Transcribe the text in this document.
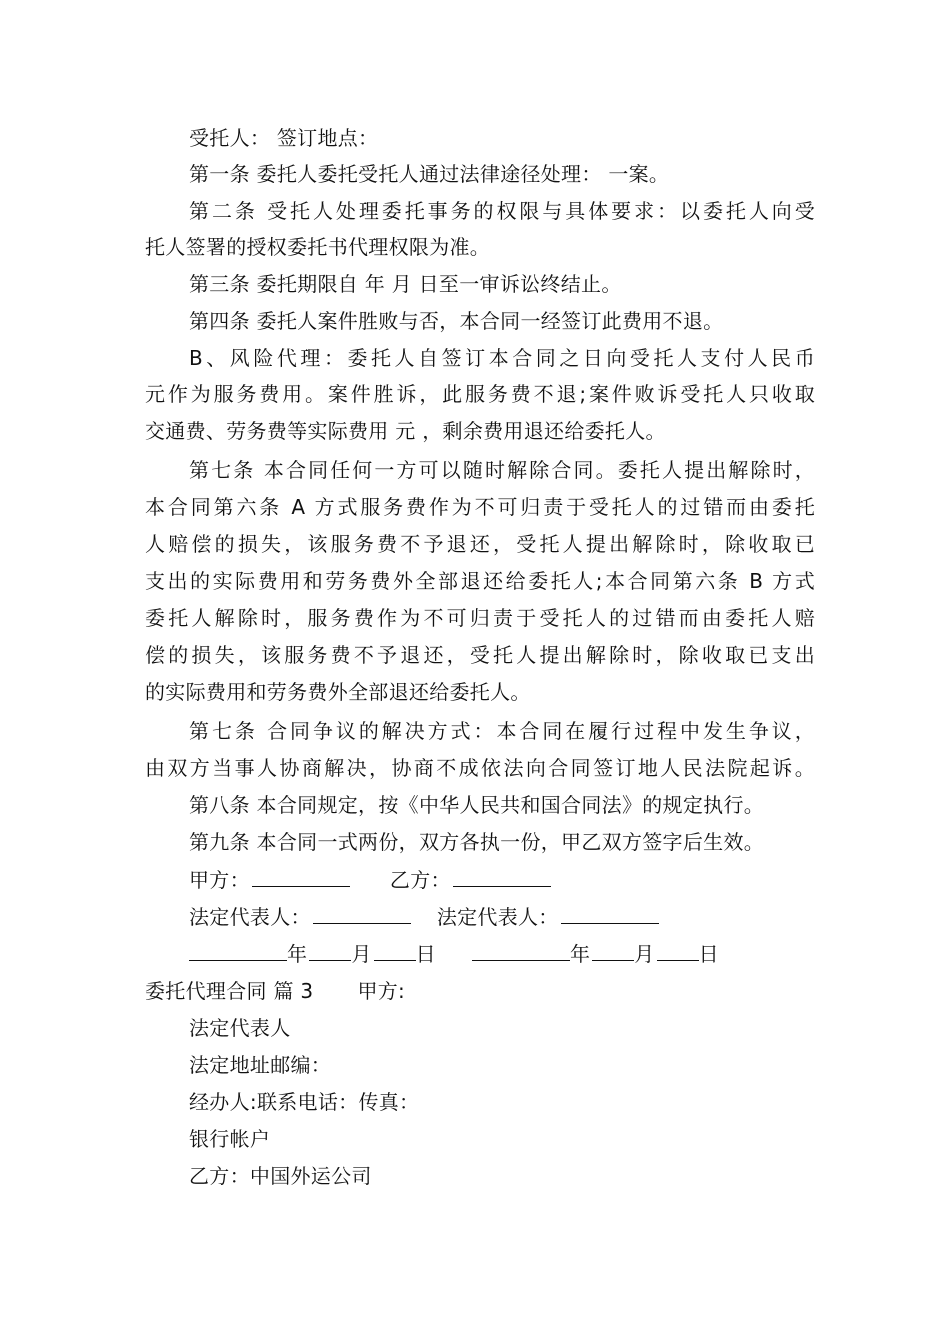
受托人： 签订地点：
第一条 委托人委托受托人通过法律途径处理： 一案。
第二条 受托人处理委托事务的权限与具体要求：以委托人向受
托人签署的授权委托书代理权限为准。
第三条 委托期限自 年 月 日至一审诉讼终结止。
第四条 委托人案件胜败与否，本合同一经签订此费用不退。
B、风险代理：委托人自签订本合同之日向受托人支付人民币
元作为服务费用。案件胜诉，此服务费不退;案件败诉受托人只收取
交通费、劳务费等实际费用 元 ，剩余费用退还给委托人。
第七条 本合同任何一方可以随时解除合同。委托人提出解除时，
本合同第六条 A 方式服务费作为不可归责于受托人的过错而由委托
人赔偿的损失，该服务费不予退还，受托人提出解除时，除收取已
支出的实际费用和劳务费外全部退还给委托人;本合同第六条 B 方式
委托人解除时，服务费作为不可归责于受托人的过错而由委托人赔
偿的损失，该服务费不予退还，受托人提出解除时，除收取已支出
的实际费用和劳务费外全部退还给委托人。
第七条 合同争议的解决方式：本合同在履行过程中发生争议，
由双方当事人协商解决，协商不成依法向合同签订地人民法院起诉。
第八条 本合同规定，按《中华人民共和国合同法》的规定执行。
第九条 本合同一式两份，双方各执一份，甲乙双方签字后生效。
甲方：	乙方：
法定代表人：	法定代表人：
年 月 日	年 月 日
委托代理合同 篇 3 甲方:
法定代表人
法定地址邮编：
经办人:联系电话：传真：
银行帐户
乙方：中国外运公司
